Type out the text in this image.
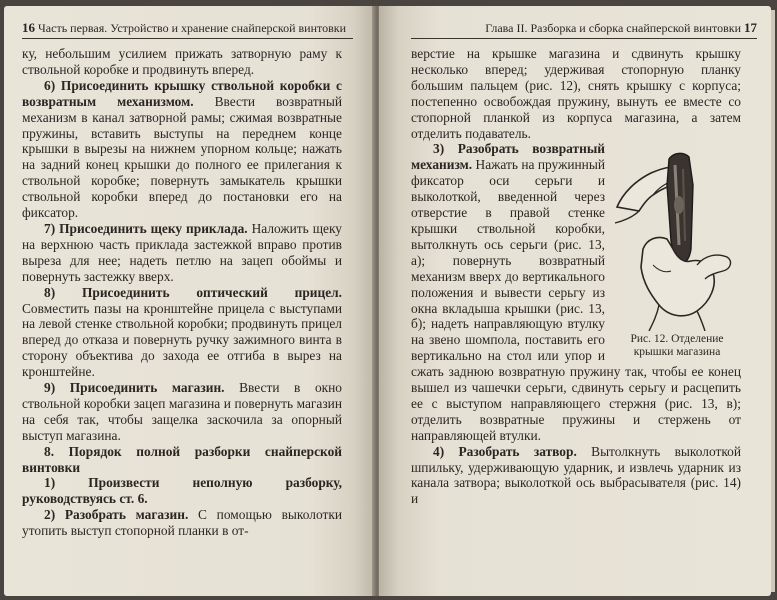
16 Часть первая. Устройство и хранение снайперской винтовки

ку, небольшим усилием прижать затворную раму к ствольной коробке и продвинуть вперед.

6) Присоединить крышку ствольной коробки с возвратным механизмом. Ввести возвратный механизм в канал затворной рамы; сжимая возвратные пружины, вставить выступы на переднем конце крышки в вырезы на нижнем упорном кольце; нажать на задний конец крышки до полного ее прилегания к ствольной коробке; повернуть замыкатель крышки ствольной коробки вперед до постановки его на фиксатор.

7) Присоединить щеку приклада. Наложить щеку на верхнюю часть приклада застежкой вправо против выреза для нее; надеть петлю на зацеп обоймы и повернуть застежку вверх.

8) Присоединить оптический прицел. Совместить пазы на кронштейне прицела с выступами на левой стенке ствольной коробки; продвинуть прицел вперед до отказа и повернуть ручку зажимного винта в сторону объектива до захода ее отгиба в вырез на кронштейне.

9) Присоединить магазин. Ввести в окно ствольной коробки зацеп магазина и повернуть магазин на себя так, чтобы защелка заскочила за опорный выступ магазина.

8. Порядок полной разборки снайперской винтовки

1) Произвести неполную разборку, руководствуясь ст. 6.

2) Разобрать магазин. С помощью выколотки утопить выступ стопорной планки в от-

Глава II. Разборка и сборка снайперской винтовки 17

верстие на крышке магазина и сдвинуть крышку несколько вперед; удерживая стопорную планку большим пальцем (рис. 12), снять крышку с корпуса; постепенно освобождая пружину, вынуть ее вместе со стопорной планкой из корпуса магазина, а затем отделить подаватель.

Рис. 12. Отделение
крышки магазина

3) Разобрать возвратный механизм. Нажать на пружинный фиксатор оси серьги и выколоткой, введенной через отверстие в правой стенке крышки ствольной коробки, вытолкнуть ось серьги (рис. 13, а); повернуть возвратный механизм вверх до вертикального положения и вывести серьгу из окна вкладыша крышки (рис. 13, б); надеть направляющую втулку на звено шомпола, поставить его вертикально на стол или упор и сжать заднюю возвратную пружину так, чтобы ее конец вышел из чашечки серьги, сдвинуть серьгу и расцепить ее с выступом направляющего стержня (рис. 13, в); отделить возвратные пружины и стержень от направляющей втулки.

4) Разобрать затвор. Вытолкнуть выколоткой шпильку, удерживающую ударник, и извлечь ударник из канала затвора; выколоткой ось выбрасывателя (рис. 14) и
